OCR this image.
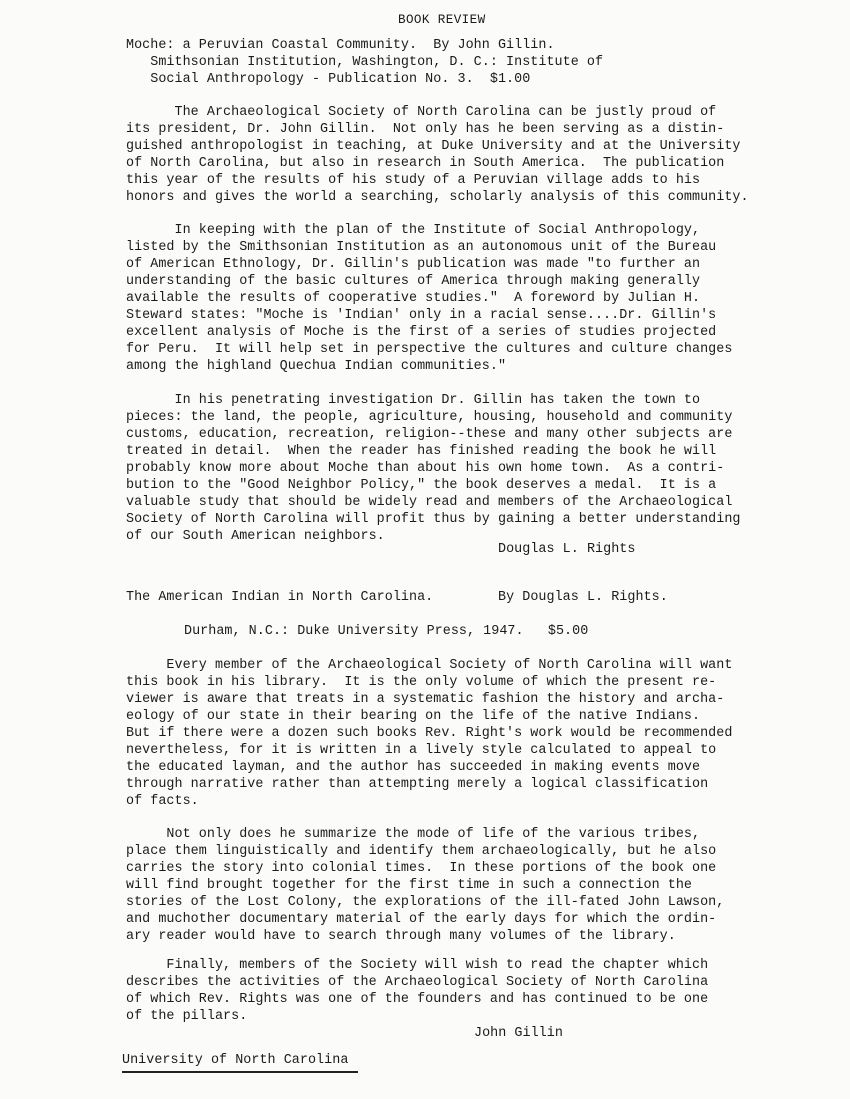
BOOK REVIEW
Moche: a Peruvian Coastal Community.  By John Gillin.
Smithsonian Institution, Washington, D. C.: Institute of
Social Anthropology - Publication No. 3.  $1.00
The Archaeological Society of North Carolina can be justly proud of
its president, Dr. John Gillin.  Not only has he been serving as a distin-
guished anthropologist in teaching, at Duke University and at the University
of North Carolina, but also in research in South America.  The publication
this year of the results of his study of a Peruvian village adds to his
honors and gives the world a searching, scholarly analysis of this community.
In keeping with the plan of the Institute of Social Anthropology,
listed by the Smithsonian Institution as an autonomous unit of the Bureau
of American Ethnology, Dr. Gillin's publication was made "to further an
understanding of the basic cultures of America through making generally
available the results of cooperative studies."  A foreword by Julian H.
Steward states: "Moche is 'Indian' only in a racial sense....Dr. Gillin's
excellent analysis of Moche is the first of a series of studies projected
for Peru.  It will help set in perspective the cultures and culture changes
among the highland Quechua Indian communities."
In his penetrating investigation Dr. Gillin has taken the town to
pieces: the land, the people, agriculture, housing, household and community
customs, education, recreation, religion--these and many other subjects are
treated in detail.  When the reader has finished reading the book he will
probably know more about Moche than about his own home town.  As a contri-
bution to the "Good Neighbor Policy," the book deserves a medal.  It is a
valuable study that should be widely read and members of the Archaeological
Society of North Carolina will profit thus by gaining a better understanding
of our South American neighbors.
Douglas L. Rights
The American Indian in North Carolina.	By Douglas L. Rights.
Durham, N.C.: Duke University Press, 1947.   $5.00
Every member of the Archaeological Society of North Carolina will want
this book in his library.  It is the only volume of which the present re-
viewer is aware that treats in a systematic fashion the history and archa-
eology of our state in their bearing on the life of the native Indians.
But if there were a dozen such books Rev. Right's work would be recommended
nevertheless, for it is written in a lively style calculated to appeal to
the educated layman, and the author has succeeded in making events move
through narrative rather than attempting merely a logical classification
of facts.
Not only does he summarize the mode of life of the various tribes,
place them linguistically and identify them archaeologically, but he also
carries the story into colonial times.  In these portions of the book one
will find brought together for the first time in such a connection the
stories of the Lost Colony, the explorations of the ill-fated John Lawson,
and muchother documentary material of the early days for which the ordin-
ary reader would have to search through many volumes of the library.
Finally, members of the Society will wish to read the chapter which
describes the activities of the Archaeological Society of North Carolina
of which Rev. Rights was one of the founders and has continued to be one
of the pillars.
John Gillin
University of North Carolina
